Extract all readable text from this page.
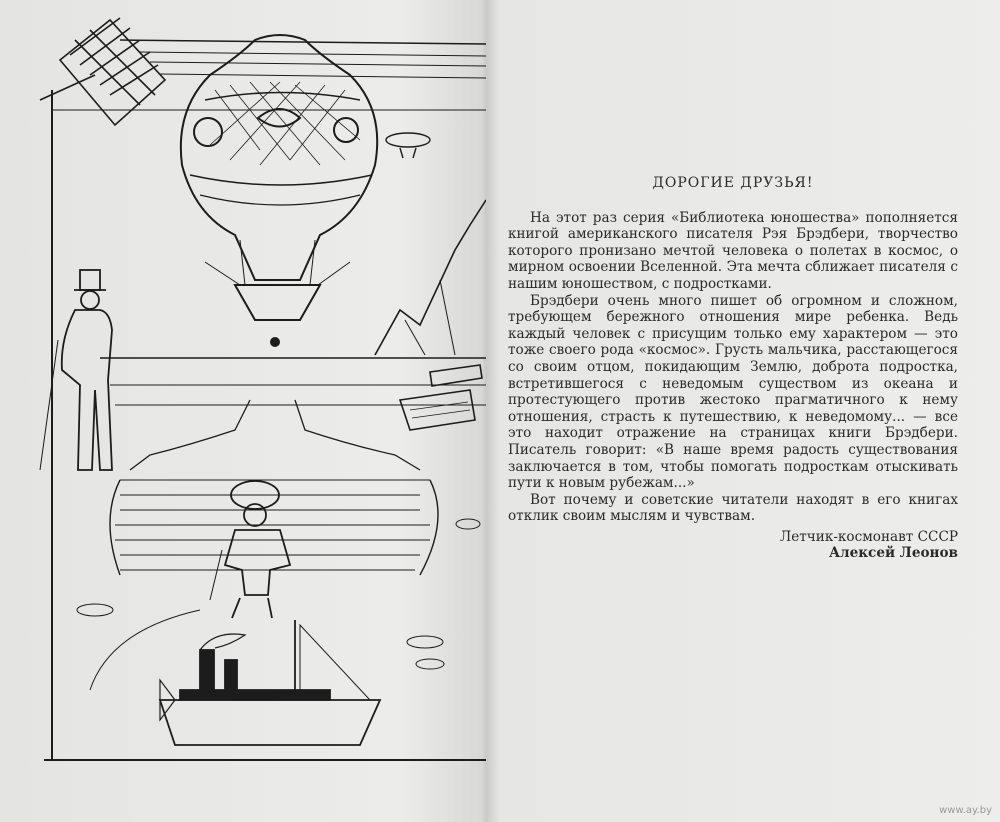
ДОРОГИЕ ДРУЗЬЯ!

На этот раз серия «Библиотека юношества» пополняется книгой американского писателя Рэя Брэдбери, творчество которого пронизано мечтой человека о полетах в космос, о мирном освоении Вселенной. Эта мечта сближает писателя с нашим юношеством, с подростками.

Брэдбери очень много пишет об огромном и сложном, требующем бережного отношения мире ребенка. Ведь каждый человек с присущим только ему характером — это тоже своего рода «космос». Грусть мальчика, расстающегося со своим отцом, покидающим Землю, доброта подростка, встретившегося с неведомым существом из океана и протестующего против жестоко прагматичного к нему отношения, страсть к путешествию, к неведомому... — все это находит отражение на страницах книги Брэдбери. Писатель говорит: «В наше время радость существования заключается в том, чтобы помогать подросткам отыскивать пути к новым рубежам...»

Вот почему и советские читатели находят в его книгах отклик своим мыслям и чувствам.

Летчик-космонавт СССР
Алексей Леонов
www.ay.by
